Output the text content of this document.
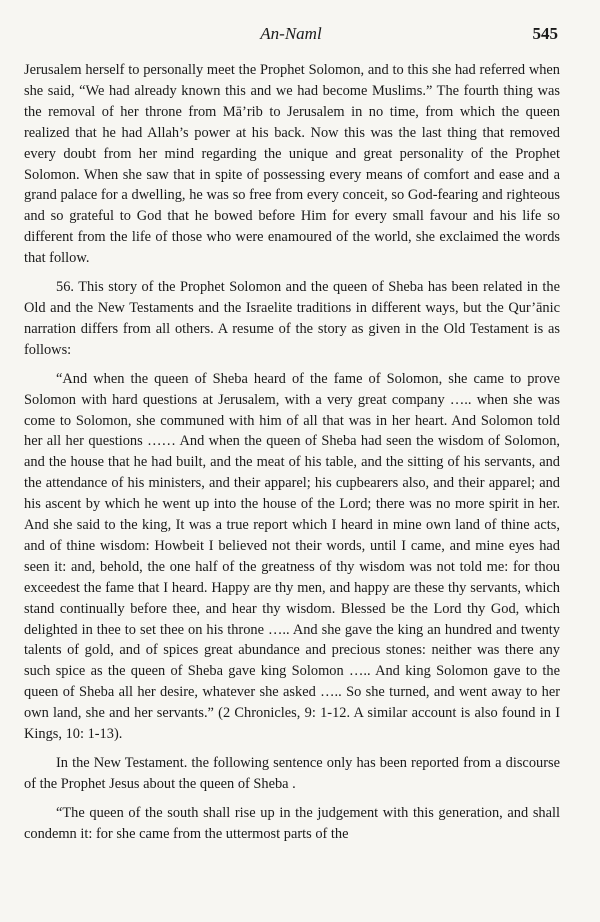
An-Naml	545

Jerusalem herself to personally meet the Prophet Solomon, and to this she had referred when she said, “We had already known this and we had become Muslims.” The fourth thing was the removal of her throne from Mā’rib to Jerusalem in no time, from which the queen realized that he had Allah’s power at his back. Now this was the last thing that removed every doubt from her mind regarding the unique and great personality of the Prophet Solomon. When she saw that in spite of possessing every means of comfort and ease and a grand palace for a dwelling, he was so free from every conceit, so God-fearing and righteous and so grateful to God that he bowed before Him for every small favour and his life so different from the life of those who were enamoured of the world, she exclaimed the words that follow.

56. This story of the Prophet Solomon and the queen of Sheba has been related in the Old and the New Testaments and the Israelite traditions in different ways, but the Qur’ānic narration differs from all others. A resume of the story as given in the Old Testament is as follows:

“And when the queen of Sheba heard of the fame of Solomon, she came to prove Solomon with hard questions at Jerusalem, with a very great company ….. when she was come to Solomon, she communed with him of all that was in her heart. And Solomon told her all her questions …… And when the queen of Sheba had seen the wisdom of Solomon, and the house that he had built, and the meat of his table, and the sitting of his servants, and the attendance of his ministers, and their apparel; his cupbearers also, and their apparel; and his ascent by which he went up into the house of the Lord; there was no more spirit in her. And she said to the king, It was a true report which I heard in mine own land of thine acts, and of thine wisdom: Howbeit I believed not their words, until I came, and mine eyes had seen it: and, behold, the one half of the greatness of thy wisdom was not told me: for thou exceedest the fame that I heard. Happy are thy men, and happy are these thy servants, which stand continually before thee, and hear thy wisdom. Blessed be the Lord thy God, which delighted in thee to set thee on his throne ….. And she gave the king an hundred and twenty talents of gold, and of spices great abundance and precious stones: neither was there any such spice as the queen of Sheba gave king Solomon ….. And king Solomon gave to the queen of Sheba all her desire, whatever she asked ….. So she turned, and went away to her own land, she and her servants.” (2 Chronicles, 9: 1-12. A similar account is also found in I Kings, 10: 1-13).

In the New Testament. the following sentence only has been reported from a discourse of the Prophet Jesus about the queen of Sheba .

“The queen of the south shall rise up in the judgement with this generation, and shall condemn it: for she came from the uttermost parts of the
